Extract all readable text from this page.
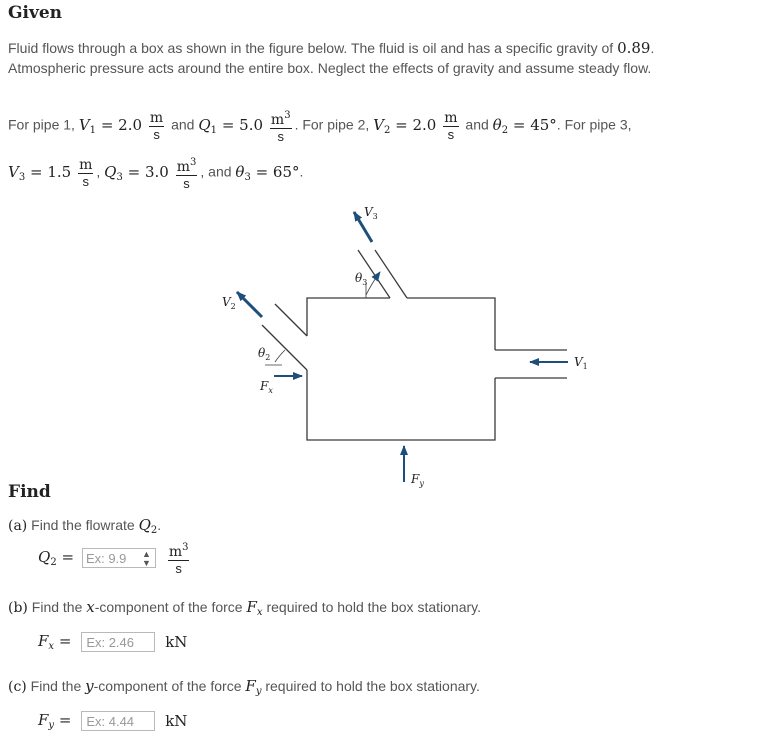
Given
Fluid flows through a box as shown in the figure below. The fluid is oil and has a specific gravity of 0.89.
Atmospheric pressure acts around the entire box. Neglect the effects of gravity and assume steady flow.
For pipe 1, $V_1 = 2.0 \frac{m}{s}$ and $Q_1 = 5.0 \frac{m^3}{s}$ . For pipe 2, $V_2 = 2.0 \frac{m}{s}$ and $\theta_2 = 45^\circ$. For pipe 3,
$V_3 = 1.5 \frac{m}{s}$ , $Q_3 = 3.0 \frac{m^3}{s}$ , and $\theta_3 = 65^\circ$.
$V_3$
$\theta_3$
$V_2$
$\theta_2$
$F_x$
$F_y$
$V_1$
Find
(a) Find the flowrate $Q_2$.
$Q_2 = Ex$: 9.9 ▲
▼
$\frac{m^3}{s}$
(b) Find the x-component of the force $F_x$ required to hold the box stationary.
$F_x = Ex$: 2.46 kN
(c) Find the y-component of the force $F_y$ required to hold the box stationary.
$F_y = Ex$: 4.44 kN
